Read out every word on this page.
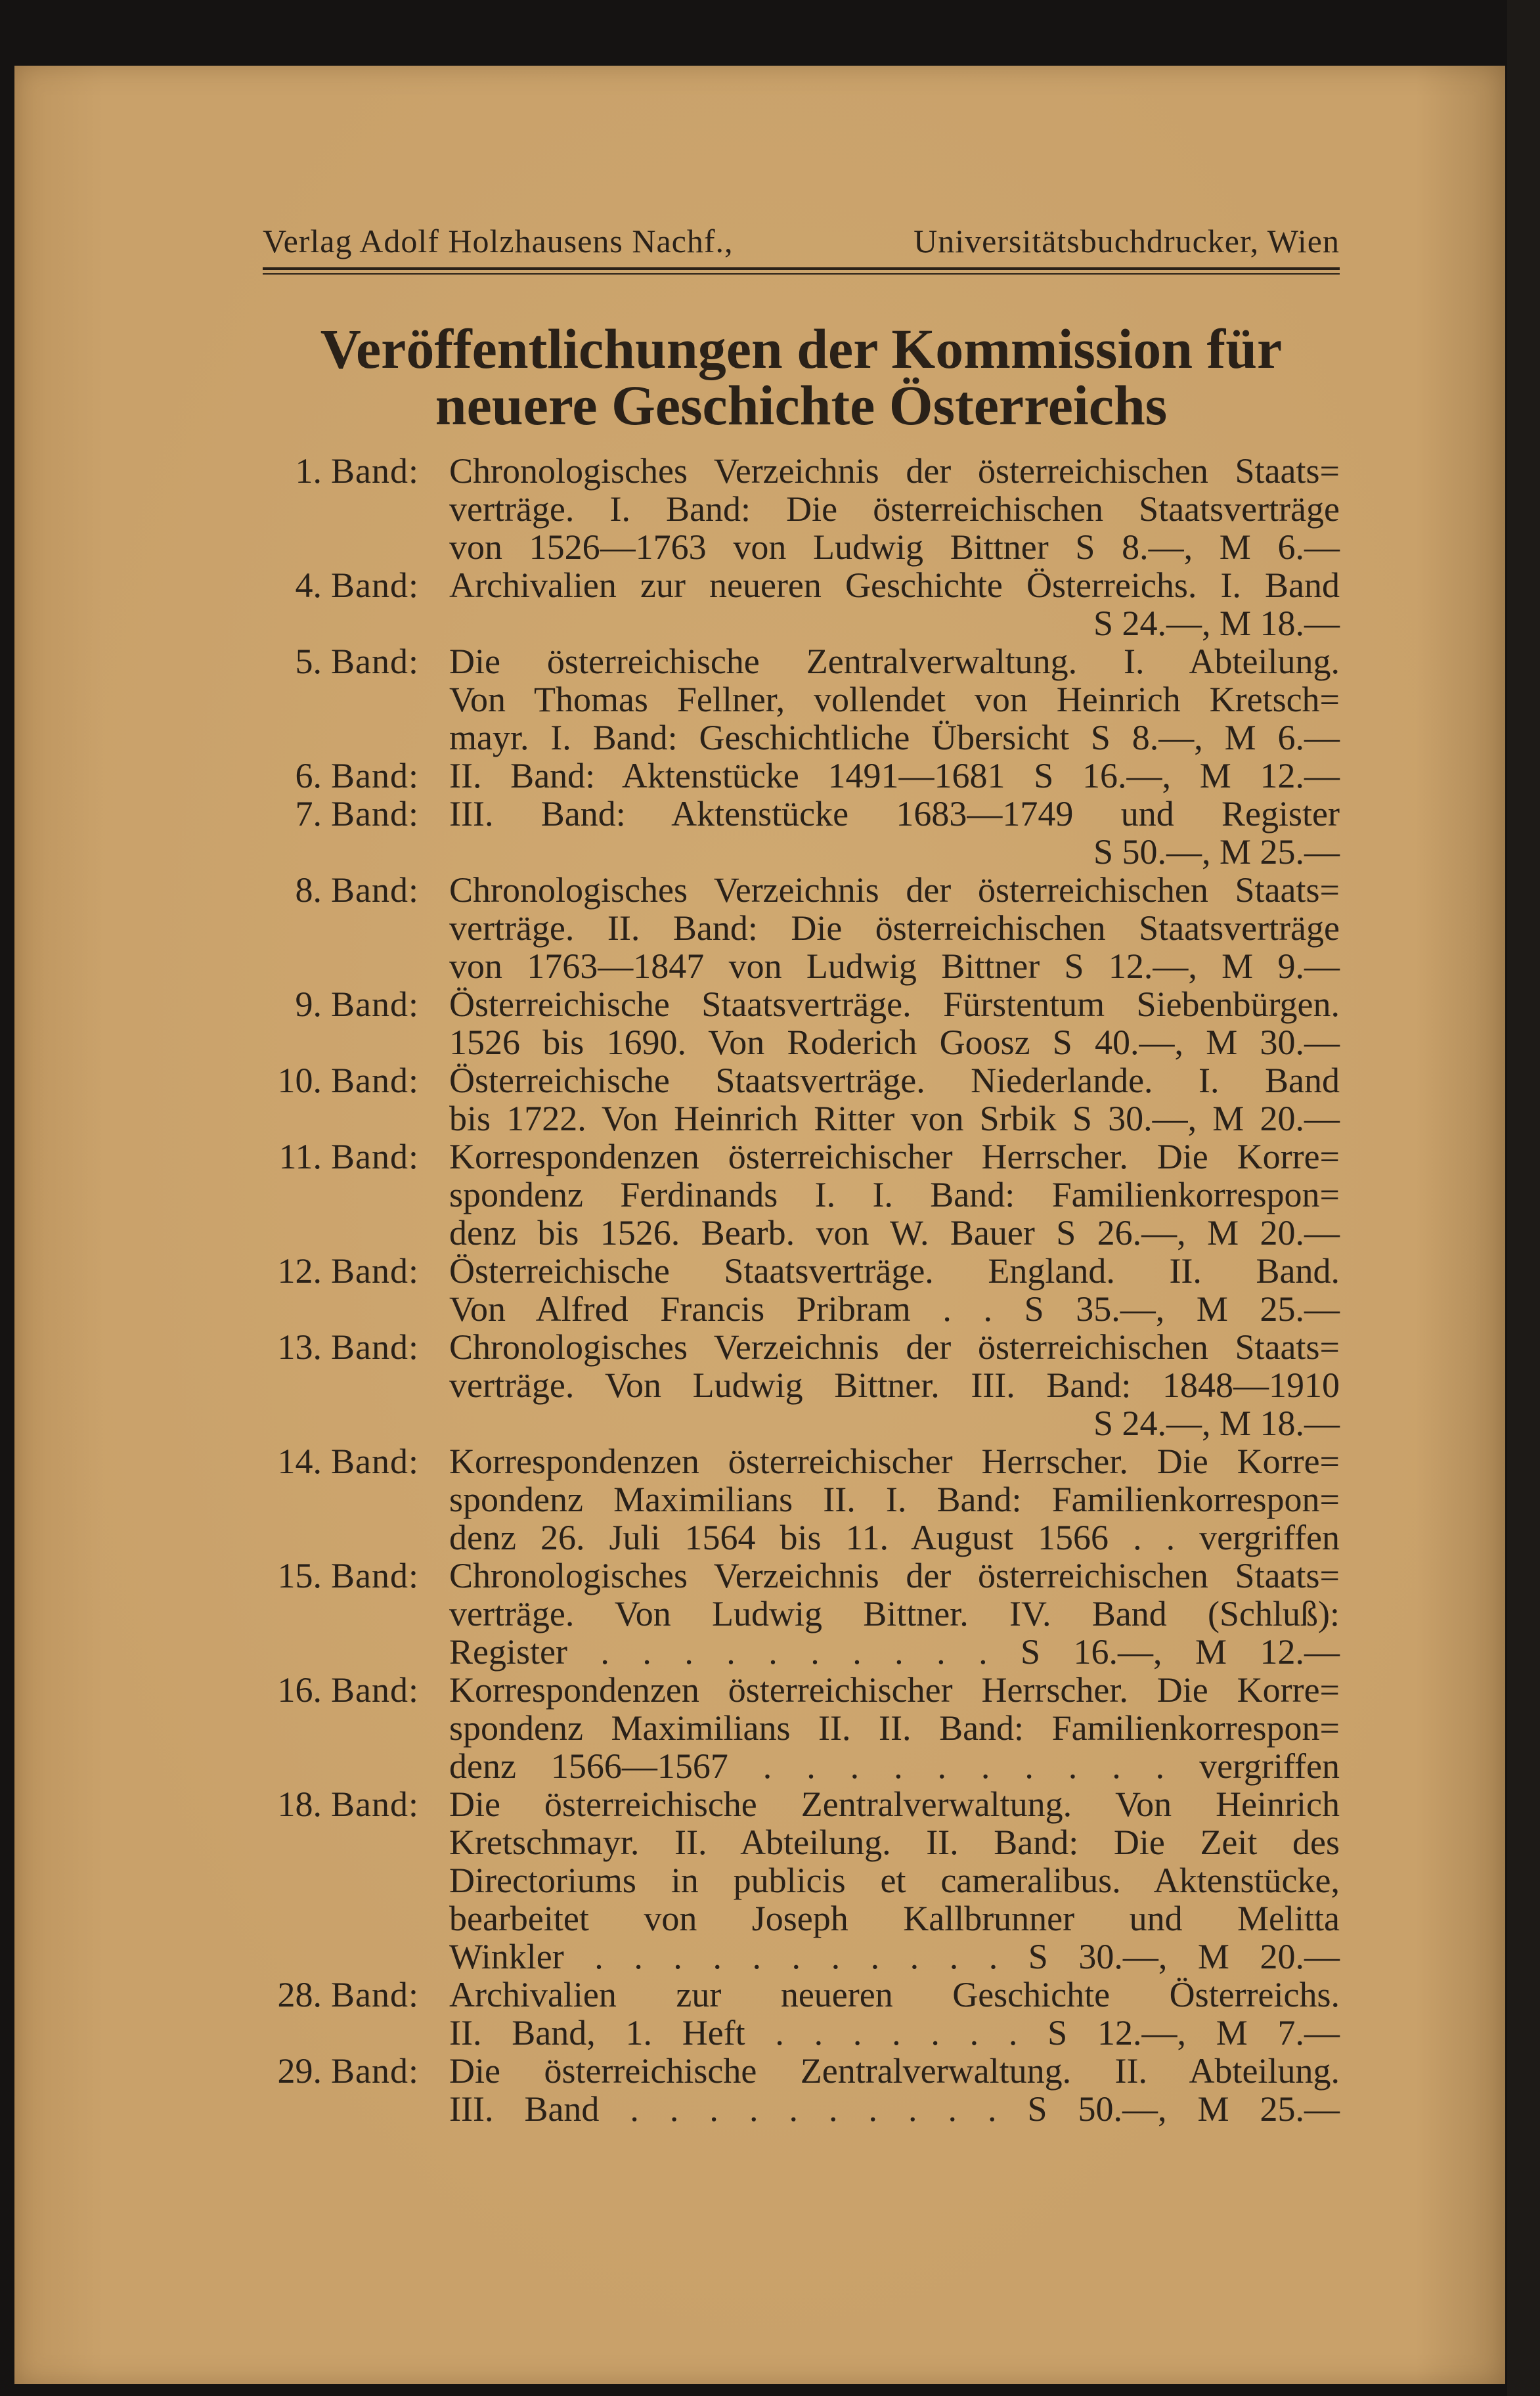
Verlag Adolf Holzhausens Nachf.,	Universitätsbuchdrucker, Wien
Veröffentlichungen der Kommission für
neuere Geschichte Österreichs
1. Band: Chronologisches Verzeichnis der österreichischen Staats=
verträge. I. Band: Die österreichischen Staatsverträge
von 1526—1763 von Ludwig Bittner S 8.—, M 6.—
4. Band: Archivalien zur neueren Geschichte Österreichs. I. Band
S 24.—, M 18.—
5. Band: Die österreichische Zentralverwaltung. I. Abteilung.
Von Thomas Fellner, vollendet von Heinrich Kretsch=
mayr. I. Band: Geschichtliche Übersicht S 8.—, M 6.—
6. Band: II. Band: Aktenstücke 1491—1681 S 16.—, M 12.—
7. Band: III. Band: Aktenstücke 1683—1749 und Register
S 50.—, M 25.—
8. Band: Chronologisches Verzeichnis der österreichischen Staats=
verträge. II. Band: Die österreichischen Staatsverträge
von 1763—1847 von Ludwig Bittner S 12.—, M 9.—
9. Band: Österreichische Staatsverträge. Fürstentum Siebenbürgen.
1526 bis 1690. Von Roderich Goosz S 40.—, M 30.—
10. Band: Österreichische Staatsverträge. Niederlande. I. Band
bis 1722. Von Heinrich Ritter von Srbik S 30.—, M 20.—
11. Band: Korrespondenzen österreichischer Herrscher. Die Korre=
spondenz Ferdinands I. I. Band: Familienkorrespon=
denz bis 1526. Bearb. von W. Bauer S 26.—, M 20.—
12. Band: Österreichische Staatsverträge. England. II. Band.
Von Alfred Francis Pribram . . S 35.—, M 25.—
13. Band: Chronologisches Verzeichnis der österreichischen Staats=
verträge. Von Ludwig Bittner. III. Band: 1848—1910
S 24.—, M 18.—
14. Band: Korrespondenzen österreichischer Herrscher. Die Korre=
spondenz Maximilians II. I. Band: Familienkorrespon=
denz 26. Juli 1564 bis 11. August 1566 . . vergriffen
15. Band: Chronologisches Verzeichnis der österreichischen Staats=
verträge. Von Ludwig Bittner. IV. Band (Schluß):
Register . . . . . . . . . . S 16.—, M 12.—
16. Band: Korrespondenzen österreichischer Herrscher. Die Korre=
spondenz Maximilians II. II. Band: Familienkorrespon=
denz 1566—1567 . . . . . . . . . . vergriffen
18. Band: Die österreichische Zentralverwaltung. Von Heinrich
Kretschmayr. II. Abteilung. II. Band: Die Zeit des
Directoriums in publicis et cameralibus. Aktenstücke,
bearbeitet von Joseph Kallbrunner und Melitta
Winkler . . . . . . . . . . . S 30.—, M 20.—
28. Band: Archivalien zur neueren Geschichte Österreichs.
II. Band, 1. Heft . . . . . . . S 12.—, M 7.—
29. Band: Die österreichische Zentralverwaltung. II. Abteilung.
III. Band . . . . . . . . . . S 50.—, M 25.—
